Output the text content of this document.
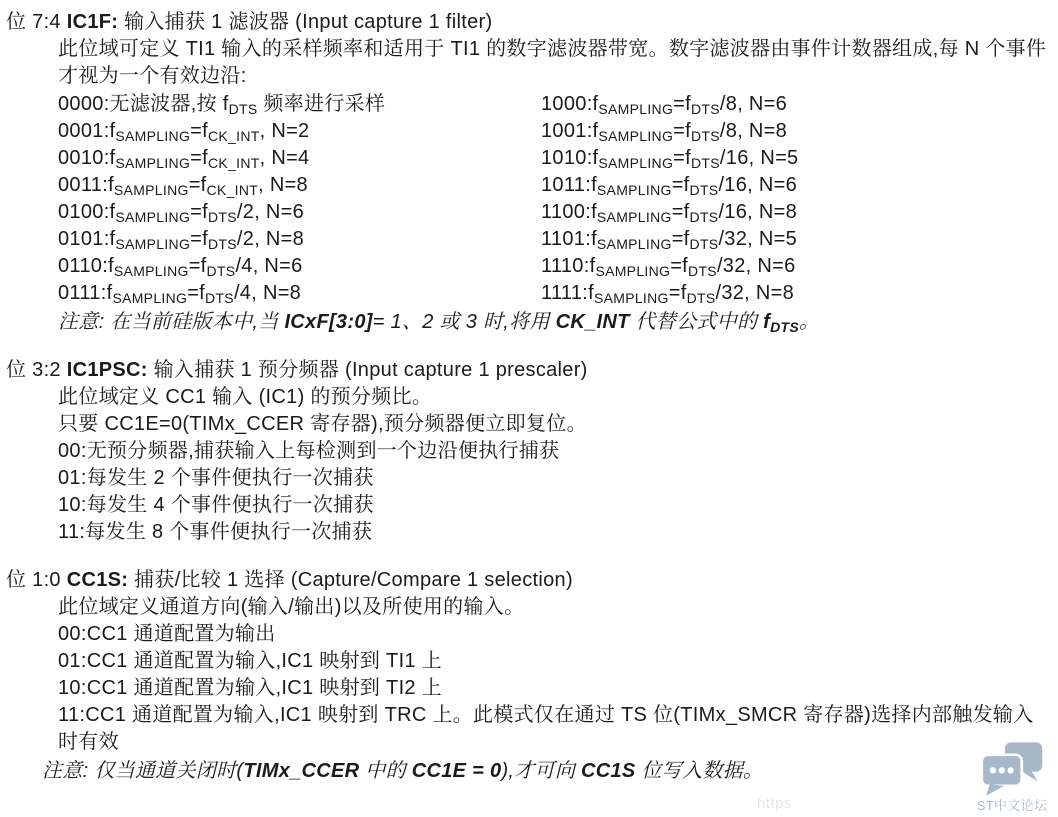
位 7:4 IC1F: 输入捕获 1 滤波器 (Input capture 1 filter)

此位域可定义 TI1 输入的采样频率和适用于 TI1 的数字滤波器带宽。数字滤波器由事件计数器组成,每 N 个事件才视为一个有效边沿:

0000:无滤波器,按 $f_{DTS}$ 频率进行采样
$0001:f_{SAMPLING}=f_{CK\_INT}$, N=2
$0010:f_{SAMPLING}=f_{CK\_INT}$, N=4
$0011:f_{SAMPLING}=f_{CK\_INT}$, N=8
$0100:f_{SAMPLING}=f_{DTS}/2$, N=6
$0101:f_{SAMPLING}=f_{DTS}/2$, N=8
$0110:f_{SAMPLING}=f_{DTS}/4$, N=6
$0111:f_{SAMPLING}=f_{DTS}/4$, N=8
$1000:f_{SAMPLING}=f_{DTS}/8$, N=6
$1001:f_{SAMPLING}=f_{DTS}/8$, N=8
$1010:f_{SAMPLING}=f_{DTS}/16$, N=5
$1011:f_{SAMPLING}=f_{DTS}/16$, N=6
$1100:f_{SAMPLING}=f_{DTS}/16$, N=8
$1101:f_{SAMPLING}=f_{DTS}/32$, N=5
$1110:f_{SAMPLING}=f_{DTS}/32$, N=6
$1111:f_{SAMPLING}=f_{DTS}/32$, N=8

注意: 在当前硅版本中,当 ICxF[3:0]= 1、2 或 3 时,将用 CK_INT 代替公式中的 $f_{DTS}$。

位 3:2 IC1PSC: 输入捕获 1 预分频器 (Input capture 1 prescaler)
此位域定义 CC1 输入 (IC1) 的预分频比。
只要 CC1E=0(TIMx_CCER 寄存器),预分频器便立即复位。
00:无预分频器,捕获输入上每检测到一个边沿便执行捕获
01:每发生 2 个事件便执行一次捕获
10:每发生 4 个事件便执行一次捕获
11:每发生 8 个事件便执行一次捕获
位 1:0 CC1S: 捕获/比较 1 选择 (Capture/Compare 1 selection)
此位域定义通道方向(输入/输出)以及所使用的输入。
00:CC1 通道配置为输出
01:CC1 通道配置为输入,IC1 映射到 TI1 上
10:CC1 通道配置为输入,IC1 映射到 TI2 上
11:CC1 通道配置为输入,IC1 映射到 TRC 上。此模式仅在通过 TS 位(TIMx_SMCR 寄存器)选择内部触发输入时有效

注意: 仅当通道关闭时(TIMx_CCER 中的 CC1E = 0),才可向 CC1S 位写入数据。

https	ST中文论坛
